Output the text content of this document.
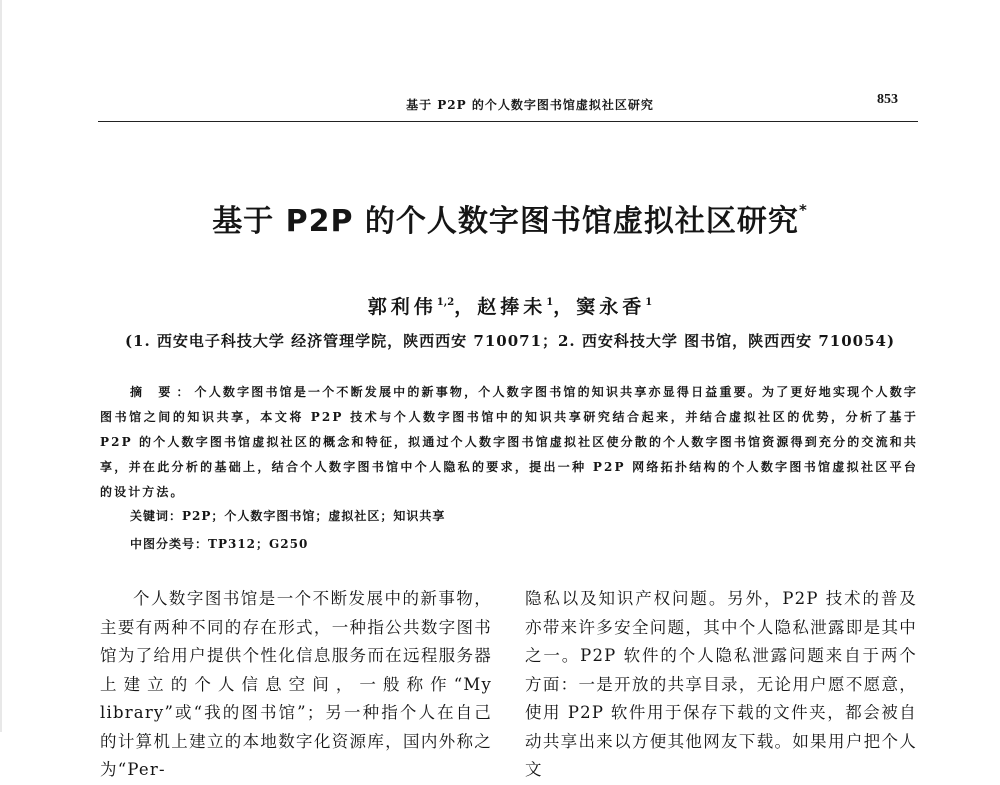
基于 P2P 的个人数字图书馆虚拟社区研究	853
基于 P2P 的个人数字图书馆虚拟社区研究*
郭利伟$^{1,2}$，赵捧未$^1$，窦永香$^1$
(1. 西安电子科技大学 经济管理学院，陕西西安 710071；2. 西安科技大学 图书馆，陕西西安 710054)
摘 要：个人数字图书馆是一个不断发展中的新事物，个人数字图书馆的知识共享亦显得日益重要。为了更好地实现个人数字图书馆之间的知识共享，本文将 P2P 技术与个人数字图书馆中的知识共享研究结合起来，并结合虚拟社区的优势，分析了基于 P2P 的个人数字图书馆虚拟社区的概念和特征，拟通过个人数字图书馆虚拟社区使分散的个人数字图书馆资源得到充分的交流和共享，并在此分析的基础上，结合个人数字图书馆中个人隐私的要求，提出一种 P2P 网络拓扑结构的个人数字图书馆虚拟社区平台的设计方法。
关键词：P2P；个人数字图书馆；虚拟社区；知识共享
中图分类号：TP312；G250

个人数字图书馆是一个不断发展中的新事物，主要有两种不同的存在形式，一种指公共数字图书馆为了给用户提供个性化信息服务而在远程服务器上建立的个人信息空间，一般称作“My library”或“我的图书馆”；另一种指个人在自己的计算机上建立的本地数字化资源库，国内外称之为“Per-

隐私以及知识产权问题。另外，P2P 技术的普及亦带来许多安全问题，其中个人隐私泄露即是其中之一。P2P 软件的个人隐私泄露问题来自于两个方面：一是开放的共享目录，无论用户愿不愿意，使用 P2P 软件用于保存下载的文件夹，都会被自动共享出来以方便其他网友下载。如果用户把个人文
